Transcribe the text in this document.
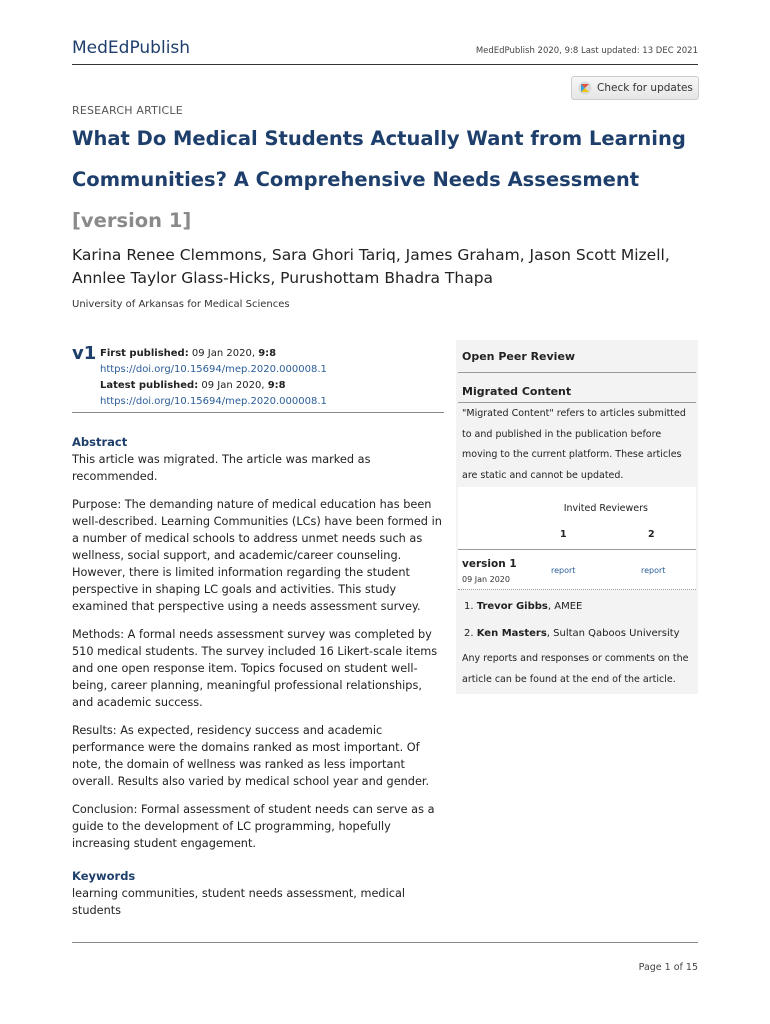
MedEdPublish	MedEdPublish 2020, 9:8 Last updated: 13 DEC 2021
Check for updates
RESEARCH ARTICLE
What Do Medical Students Actually Want from Learning Communities? A Comprehensive Needs Assessment [version 1]
Karina Renee Clemmons, Sara Ghori Tariq, James Graham, Jason Scott Mizell, Annlee Taylor Glass-Hicks, Purushottam Bhadra Thapa
University of Arkansas for Medical Sciences
v1 First published: 09 Jan 2020, 9:8
https://doi.org/10.15694/mep.2020.000008.1
Latest published: 09 Jan 2020, 9:8
https://doi.org/10.15694/mep.2020.000008.1
Abstract

This article was migrated. The article was marked as recommended.

Purpose: The demanding nature of medical education has been well-described. Learning Communities (LCs) have been formed in a number of medical schools to address unmet needs such as wellness, social support, and academic/career counseling. However, there is limited information regarding the student perspective in shaping LC goals and activities. This study examined that perspective using a needs assessment survey.

Methods: A formal needs assessment survey was completed by 510 medical students. The survey included 16 Likert-scale items and one open response item. Topics focused on student well-being, career planning, meaningful professional relationships, and academic success.

Results: As expected, residency success and academic performance were the domains ranked as most important. Of note, the domain of wellness was ranked as less important overall. Results also varied by medical school year and gender.

Conclusion: Formal assessment of student needs can serve as a guide to the development of LC programming, hopefully increasing student engagement.

Keywords
learning communities, student needs assessment, medical students
Open Peer Review
Migrated Content
"Migrated Content" refers to articles submitted to and published in the publication before moving to the current platform. These articles are static and cannot be updated.
Invited Reviewers
1	2
version 1
09 Jan 2020
report	report
1. Trevor Gibbs, AMEE
2. Ken Masters, Sultan Qaboos University
Any reports and responses or comments on the article can be found at the end of the article.
Page 1 of 15
